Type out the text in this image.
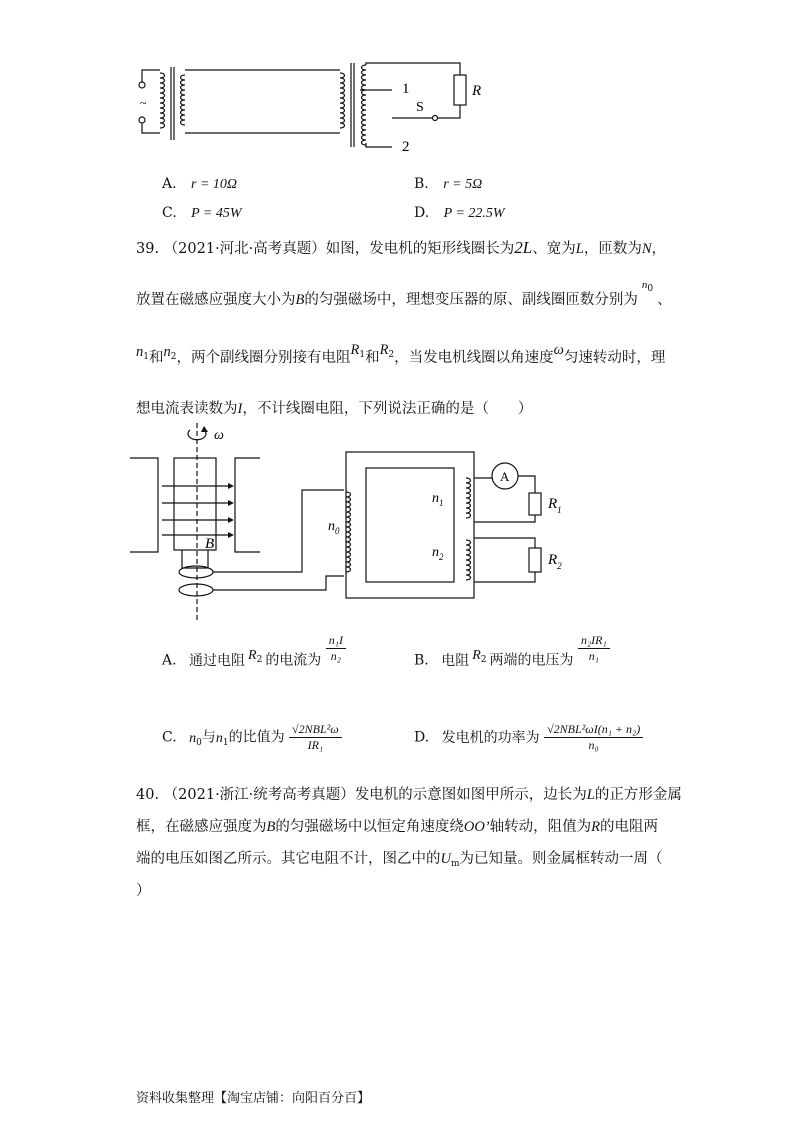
~
1
2
S
R
A. r = 10Ω	B. r = 5Ω
C. P = 45W	D. P = 22.5W
39. （2021·河北·高考真题）如图，发电机的矩形线圈长为2L、宽为L，匝数为N，
放置在磁感应强度大小为B的匀强磁场中，理想变压器的原、副线圈匝数分别为$n_0$、
$n_1$和$n_2$，两个副线圈分别接有电阻$R_1$和$R_2$，当发电机线圈以角速度ω匀速转动时，理
想电流表读数为I，不计线圈电阻，下列说法正确的是（　　）
ω
B
A
$n_1$
$n_2$
$n_0$
$R_1$
$R_2$
A. 通过电阻 $R_2$ 的电流为 $\frac{\text{n₁I}}{\text{n₂}}$	B. 电阻 $R_2$ 两端的电压为 $\frac{\text{n₂IR₁}}{\text{n₁}}$
C. $n_0$与$n_1$的比值为 $\frac{\text{√2NBL²ω}}{\text{IR₁}}$	D. 发电机的功率为 $\frac{\text{√2NBL²ωI(n₁ + n₂)}}{\text{n₀}}$
40. （2021·浙江·统考高考真题）发电机的示意图如图甲所示，边长为L的正方形金属
框，在磁感应强度为B的匀强磁场中以恒定角速度绕OO’轴转动，阻值为R的电阻两
端的电压如图乙所示。其它电阻不计，图乙中的$U_m$为已知量。则金属框转动一周（
）
资料收集整理【淘宝店铺：向阳百分百】
